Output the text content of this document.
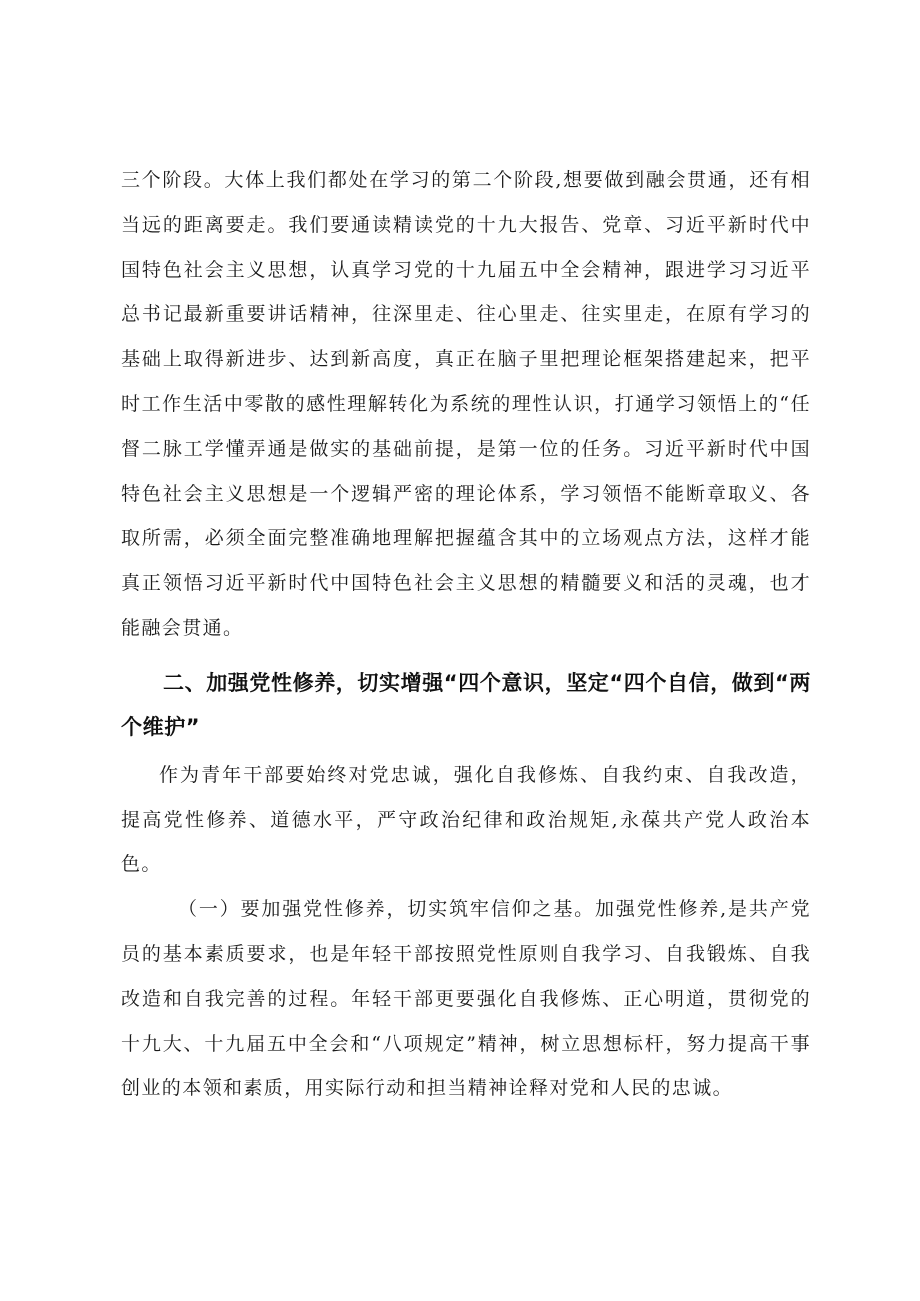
三个阶段。大体上我们都处在学习的第二个阶段,想要做到融会贯通，还有相当远的距离要走。我们要通读精读党的十九大报告、党章、习近平新时代中国特色社会主义思想，认真学习党的十九届五中全会精神，跟进学习习近平总书记最新重要讲话精神，往深里走、往心里走、往实里走，在原有学习的基础上取得新进步、达到新高度，真正在脑子里把理论框架搭建起来，把平时工作生活中零散的感性理解转化为系统的理性认识，打通学习领悟上的“任督二脉工学懂弄通是做实的基础前提，是第一位的任务。习近平新时代中国特色社会主义思想是一个逻辑严密的理论体系，学习领悟不能断章取义、各取所需，必须全面完整准确地理解把握蕴含其中的立场观点方法，这样才能真正领悟习近平新时代中国特色社会主义思想的精髓要义和活的灵魂，也才能融会贯通。

二、加强党性修养，切实增强“四个意识，坚定“四个自信，做到“两个维护”

作为青年干部要始终对党忠诚，强化自我修炼、自我约束、自我改造，提高党性修养、道德水平，严守政治纪律和政治规矩,永葆共产党人政治本色。

（一）要加强党性修养，切实筑牢信仰之基。加强党性修养,是共产党员的基本素质要求，也是年轻干部按照党性原则自我学习、自我锻炼、自我改造和自我完善的过程。年轻干部更要强化自我修炼、正心明道，贯彻党的十九大、十九届五中全会和“八项规定”精神，树立思想标杆，努力提高干事创业的本领和素质，用实际行动和担当精神诠释对党和人民的忠诚。
